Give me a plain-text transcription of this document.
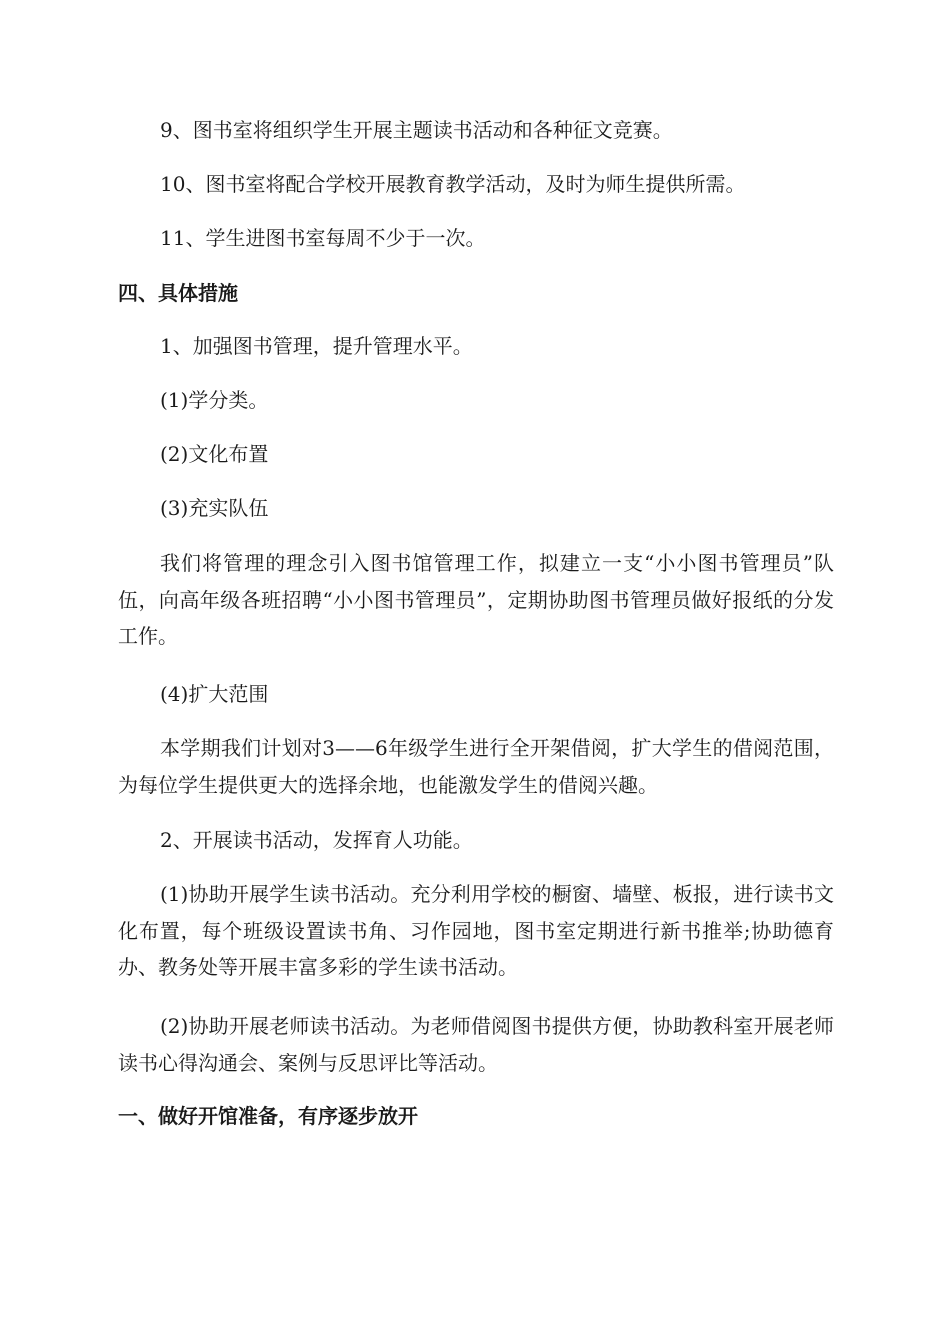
9、图书室将组织学生开展主题读书活动和各种征文竞赛。
10、图书室将配合学校开展教育教学活动，及时为师生提供所需。
11、学生进图书室每周不少于一次。
四、具体措施
1、加强图书管理，提升管理水平。
(1)学分类。
(2)文化布置
(3)充实队伍
我们将管理的理念引入图书馆管理工作，拟建立一支“小小图书管理员”队伍，向高年级各班招聘“小小图书管理员”，定期协助图书管理员做好报纸的分发工作。
(4)扩大范围
本学期我们计划对3——6年级学生进行全开架借阅，扩大学生的借阅范围，为每位学生提供更大的选择余地，也能激发学生的借阅兴趣。
2、开展读书活动，发挥育人功能。
(1)协助开展学生读书活动。充分利用学校的橱窗、墙壁、板报，进行读书文化布置，每个班级设置读书角、习作园地，图书室定期进行新书推举;协助德育办、教务处等开展丰富多彩的学生读书活动。
(2)协助开展老师读书活动。为老师借阅图书提供方便，协助教科室开展老师读书心得沟通会、案例与反思评比等活动。
一、做好开馆准备，有序逐步放开
